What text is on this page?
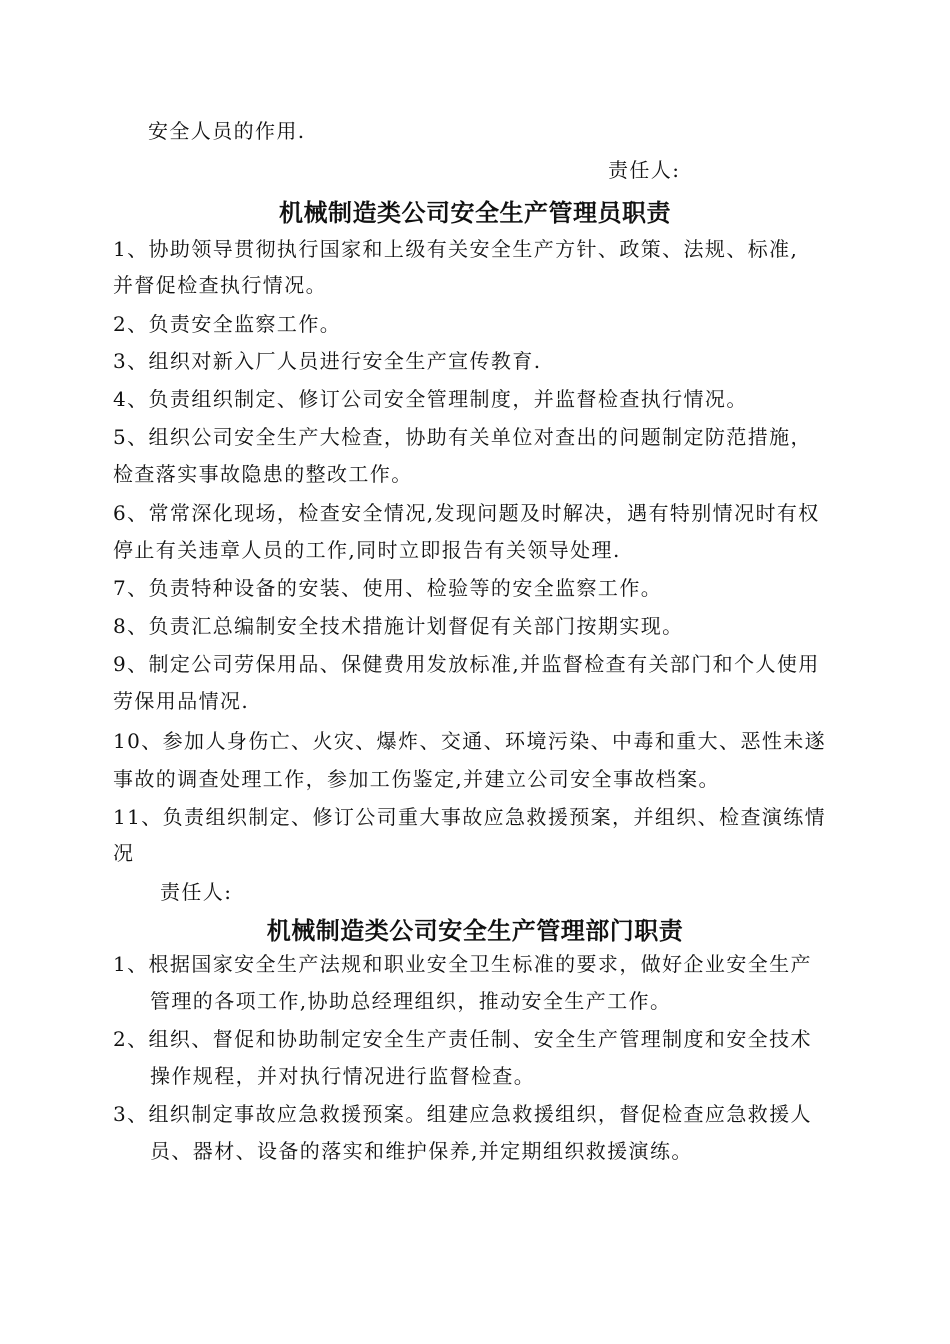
安全人员的作用.
责任人:
机械制造类公司安全生产管理员职责
1、协助领导贯彻执行国家和上级有关安全生产方针、政策、法规、标准,
并督促检查执行情况。
2、负责安全监察工作。
3、组织对新入厂人员进行安全生产宣传教育.
4、负责组织制定、修订公司安全管理制度，并监督检查执行情况。
5、组织公司安全生产大检查，协助有关单位对查出的问题制定防范措施，
检查落实事故隐患的整改工作。
6、常常深化现场，检查安全情况,发现问题及时解决，遇有特别情况时有权
停止有关违章人员的工作,同时立即报告有关领导处理.
7、负责特种设备的安装、使用、检验等的安全监察工作。
8、负责汇总编制安全技术措施计划督促有关部门按期实现。
9、制定公司劳保用品、保健费用发放标准,并监督检查有关部门和个人使用
劳保用品情况.
10、参加人身伤亡、火灾、爆炸、交通、环境污染、中毒和重大、恶性未遂
事故的调查处理工作，参加工伤鉴定,并建立公司安全事故档案。
11、负责组织制定、修订公司重大事故应急救援预案，并组织、检查演练情
况
责任人:
机械制造类公司安全生产管理部门职责
1、根据国家安全生产法规和职业安全卫生标准的要求，做好企业安全生产
管理的各项工作,协助总经理组织，推动安全生产工作。
2、组织、督促和协助制定安全生产责任制、安全生产管理制度和安全技术
操作规程，并对执行情况进行监督检查。
3、组织制定事故应急救援预案。组建应急救援组织，督促检查应急救援人
员、器材、设备的落实和维护保养,并定期组织救援演练。
